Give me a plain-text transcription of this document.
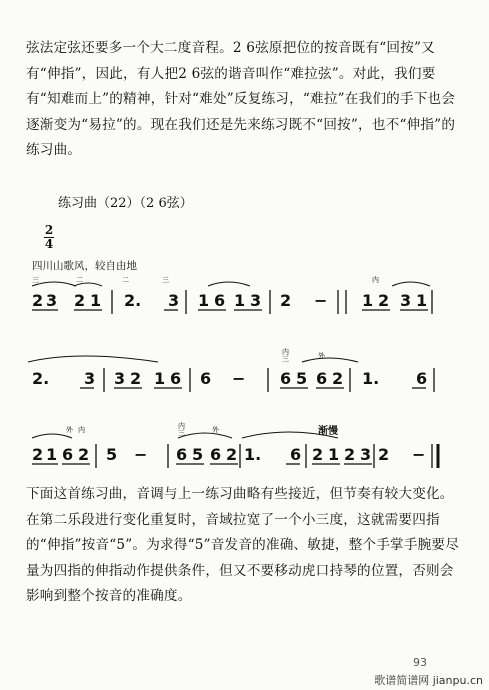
弦法定弦还要多一个大二度音程。2 6弦原把位的按音既有“回按”又有“伸指”，因此，有人把2 6弦的谐音叫作“难拉弦”。对此，我们要有“知难而上”的精神，针对“难处”反复练习，“难拉”在我们的手下也会逐渐变为“易拉”的。现在我们还是先来练习既不“回按”，也不“伸指”的练习曲。

练习曲（22）（2 6弦）
2
4
四川山歌风，较自由地
2 3 2 1 2. 3 1 6 1 3 2 − 1 2 3 1
三	二	二	三	内
2. 3 3 2 1 6 6 − 6 5 6 2 1. 6
内
三	外
2 1 6 2 5 − 6 5 6 2 1. 6 2 1 2 3 2 −
外 内	内
三	外	渐慢

下面这首练习曲，音调与上一练习曲略有些接近，但节奏有较大变化。在第二乐段进行变化重复时，音域拉宽了一个小三度，这就需要四指的“伸指”按音“5̇”。为求得“5̇”音发音的准确、敏捷，整个手掌手腕要尽量为四指的伸指动作提供条件，但又不要移动虎口持琴的位置，否则会影响到整个按音的准确度。

93
歌谱简谱网 jianpu.cn
